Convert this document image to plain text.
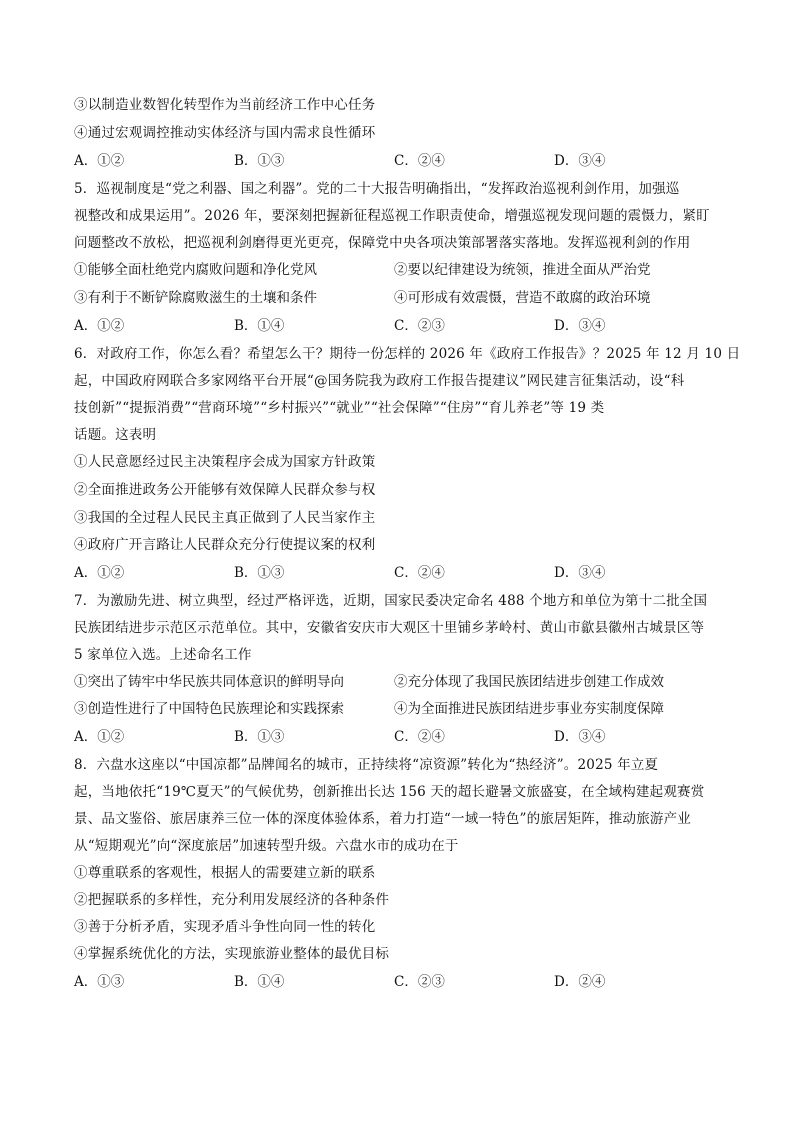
③以制造业数智化转型作为当前经济工作中心任务
④通过宏观调控推动实体经济与国内需求良性循环
A．①②	B．①③	C．②④	D．③④
5．巡视制度是“党之利器、国之利器”。党的二十大报告明确指出，“发挥政治巡视利剑作用，加强巡
视整改和成果运用”。2026 年，要深刻把握新征程巡视工作职责使命，增强巡视发现问题的震慑力，紧盯
问题整改不放松，把巡视利剑磨得更光更亮，保障党中央各项决策部署落实落地。发挥巡视利剑的作用
①能够全面杜绝党内腐败问题和净化党风	②要以纪律建设为统领，推进全面从严治党
③有利于不断铲除腐败滋生的土壤和条件	④可形成有效震慑，营造不敢腐的政治环境
A．①②	B．①④	C．②③	D．③④
6．对政府工作，你怎么看？希望怎么干？期待一份怎样的 2026 年《政府工作报告》？2025 年 12 月 10 日
起，中国政府网联合多家网络平台开展“@国务院我为政府工作报告提建议”网民建言征集活动，设“科
技创新”“提振消费”“营商环境”“乡村振兴”“就业”“社会保障”“住房”“育儿养老”等 19 类
话题。这表明
①人民意愿经过民主决策程序会成为国家方针政策
②全面推进政务公开能够有效保障人民群众参与权
③我国的全过程人民民主真正做到了人民当家作主
④政府广开言路让人民群众充分行使提议案的权利
A．①②	B．①③	C．②④	D．③④
7．为激励先进、树立典型，经过严格评选，近期，国家民委决定命名 488 个地方和单位为第十二批全国
民族团结进步示范区示范单位。其中，安徽省安庆市大观区十里铺乡茅岭村、黄山市歙县徽州古城景区等
5 家单位入选。上述命名工作
①突出了铸牢中华民族共同体意识的鲜明导向	②充分体现了我国民族团结进步创建工作成效
③创造性进行了中国特色民族理论和实践探索	④为全面推进民族团结进步事业夯实制度保障
A．①②	B．①③	C．②④	D．③④
8．六盘水这座以“中国凉都”品牌闻名的城市，正持续将“凉资源”转化为“热经济”。2025 年立夏
起，当地依托“19℃夏天”的气候优势，创新推出长达 156 天的超长避暑文旅盛宴，在全域构建起观赛赏
景、品文鉴俗、旅居康养三位一体的深度体验体系，着力打造“一域一特色”的旅居矩阵，推动旅游产业
从“短期观光”向“深度旅居”加速转型升级。六盘水市的成功在于
①尊重联系的客观性，根据人的需要建立新的联系
②把握联系的多样性，充分利用发展经济的各种条件
③善于分析矛盾，实现矛盾斗争性向同一性的转化
④掌握系统优化的方法，实现旅游业整体的最优目标
A．①③	B．①④	C．②③	D．②④
